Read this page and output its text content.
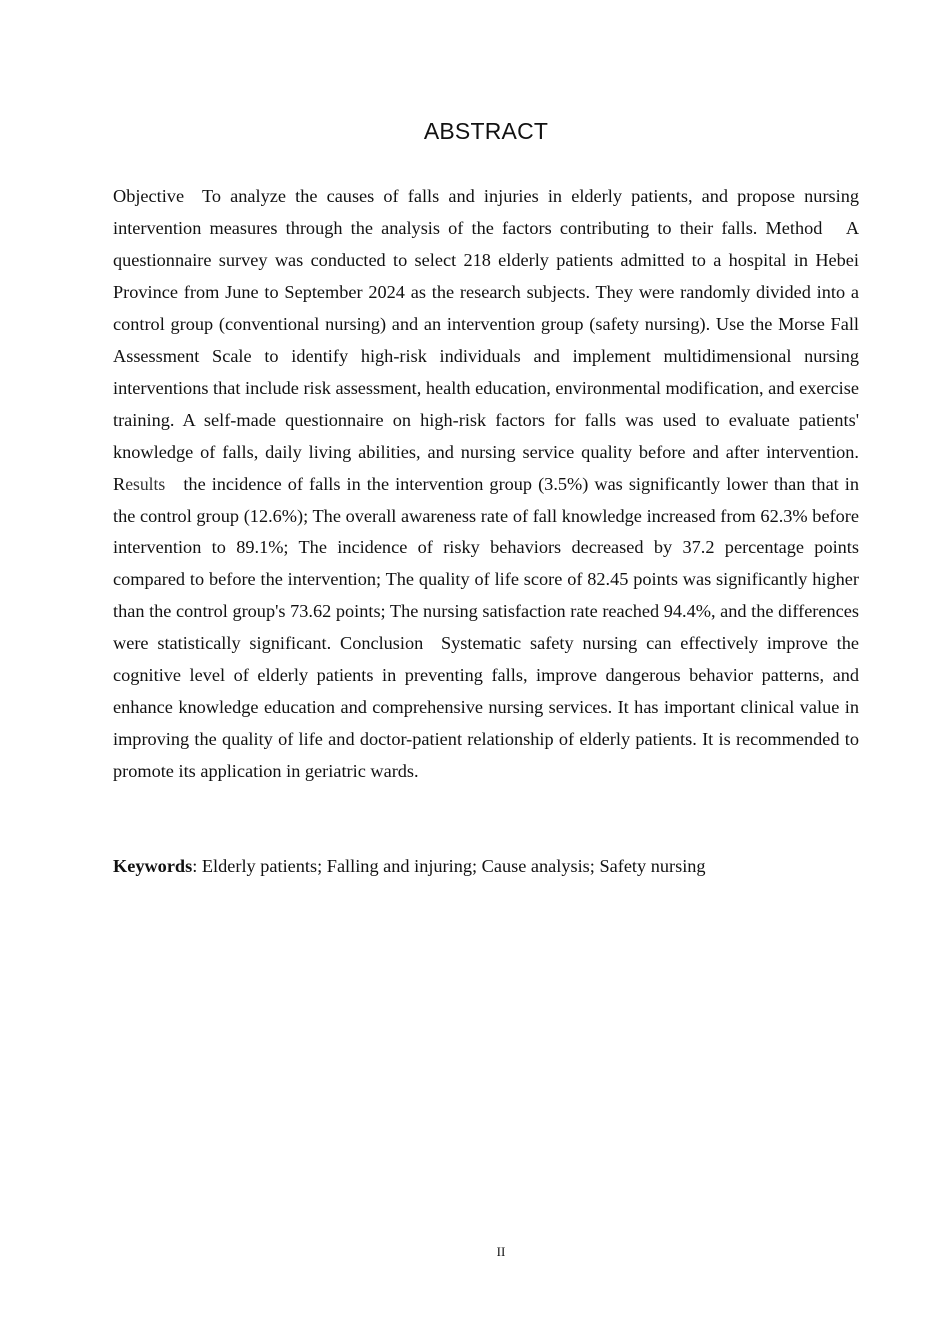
ABSTRACT

Objective To analyze the causes of falls and injuries in elderly patients, and propose nursing intervention measures through the analysis of the factors contributing to their falls. Method A questionnaire survey was conducted to select 218 elderly patients admitted to a hospital in Hebei Province from June to September 2024 as the research subjects. They were randomly divided into a control group (conventional nursing) and an intervention group (safety nursing). Use the Morse Fall Assessment Scale to identify high-risk individuals and implement multidimensional nursing interventions that include risk assessment, health education, environmental modification, and exercise training. A self-made questionnaire on high-risk factors for falls was used to evaluate patients' knowledge of falls, daily living abilities, and nursing service quality before and after intervention. Results the incidence of falls in the intervention group (3.5%) was significantly lower than that in the control group (12.6%); The overall awareness rate of fall knowledge increased from 62.3% before intervention to 89.1%; The incidence of risky behaviors decreased by 37.2 percentage points compared to before the intervention; The quality of life score of 82.45 points was significantly higher than the control group's 73.62 points; The nursing satisfaction rate reached 94.4%, and the differences were statistically significant. Conclusion Systematic safety nursing can effectively improve the cognitive level of elderly patients in preventing falls, improve dangerous behavior patterns, and enhance knowledge education and comprehensive nursing services. It has important clinical value in improving the quality of life and doctor-patient relationship of elderly patients. It is recommended to promote its application in geriatric wards.

Keywords: Elderly patients; Falling and injuring; Cause analysis; Safety nursing

II
